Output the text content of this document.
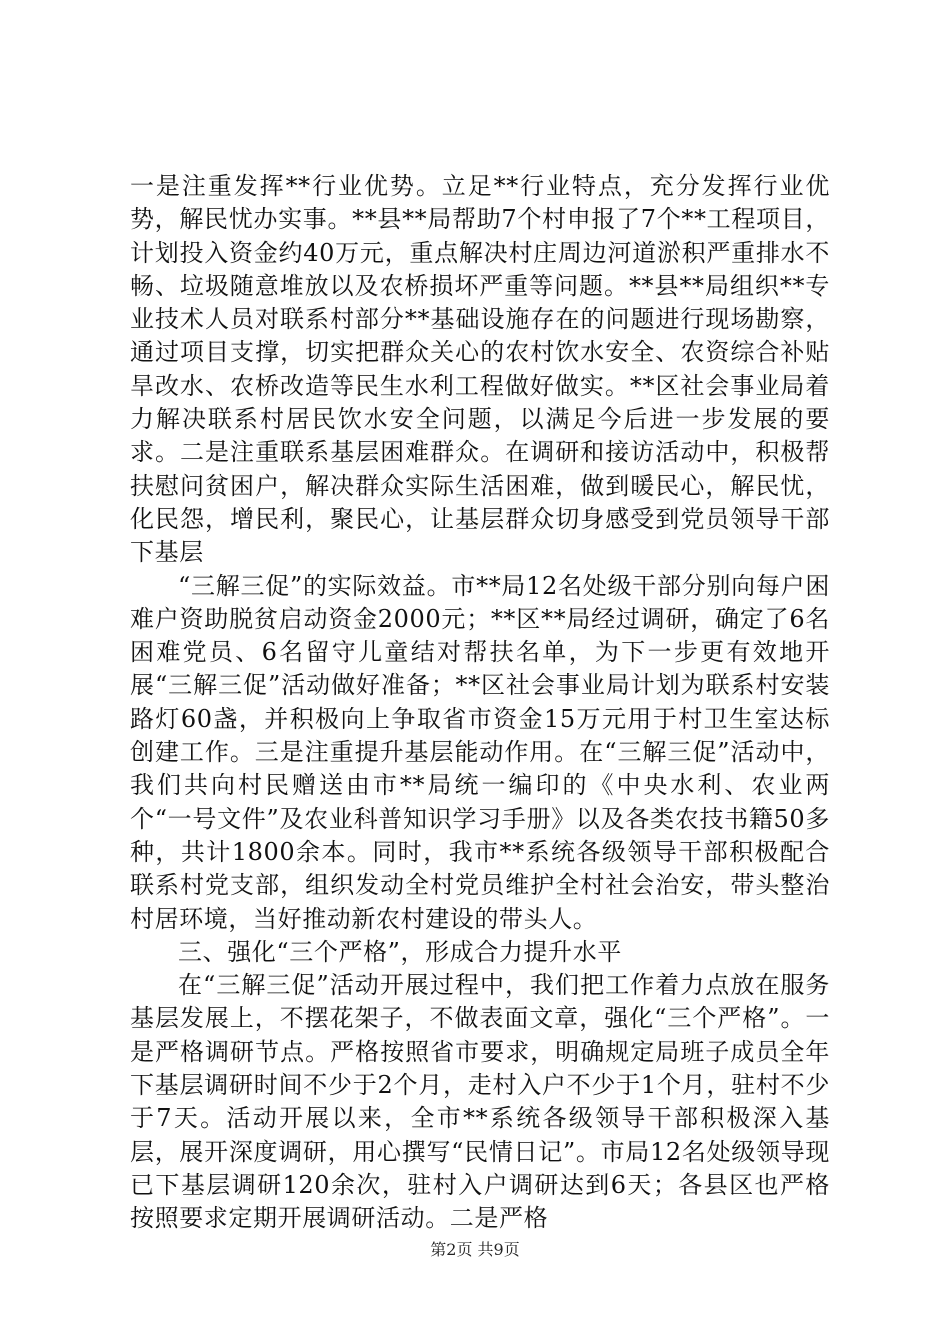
一是注重发挥**行业优势。立足**行业特点，充分发挥行业优势，解民忧办实事。**县**局帮助7个村申报了7个**工程项目，计划投入资金约40万元，重点解决村庄周边河道淤积严重排水不畅、垃圾随意堆放以及农桥损坏严重等问题。**县**局组织**专业技术人员对联系村部分**基础设施存在的问题进行现场勘察，通过项目支撑，切实把群众关心的农村饮水安全、农资综合补贴旱改水、农桥改造等民生水利工程做好做实。**区社会事业局着力解决联系村居民饮水安全问题，以满足今后进一步发展的要求。二是注重联系基层困难群众。在调研和接访活动中，积极帮扶慰问贫困户，解决群众实际生活困难，做到暖民心，解民忧，化民怨，增民利，聚民心，让基层群众切身感受到党员领导干部下基层

“三解三促”的实际效益。市**局12名处级干部分别向每户困难户资助脱贫启动资金2000元；**区**局经过调研，确定了6名困难党员、6名留守儿童结对帮扶名单，为下一步更有效地开展“三解三促”活动做好准备；**区社会事业局计划为联系村安装路灯60盏，并积极向上争取省市资金15万元用于村卫生室达标创建工作。三是注重提升基层能动作用。在“三解三促”活动中，我们共向村民赠送由市**局统一编印的《中央水利、农业两个“一号文件”及农业科普知识学习手册》以及各类农技书籍50多种，共计1800余本。同时，我市**系统各级领导干部积极配合联系村党支部，组织发动全村党员维护全村社会治安，带头整治村居环境，当好推动新农村建设的带头人。

三、强化“三个严格”，形成合力提升水平

在“三解三促”活动开展过程中，我们把工作着力点放在服务基层发展上，不摆花架子，不做表面文章，强化“三个严格”。一是严格调研节点。严格按照省市要求，明确规定局班子成员全年下基层调研时间不少于2个月，走村入户不少于1个月，驻村不少于7天。活动开展以来，全市**系统各级领导干部积极深入基层，展开深度调研，用心撰写“民情日记”。市局12名处级领导现已下基层调研120余次，驻村入户调研达到6天；各县区也严格按照要求定期开展调研活动。二是严格

第2页 共9页
